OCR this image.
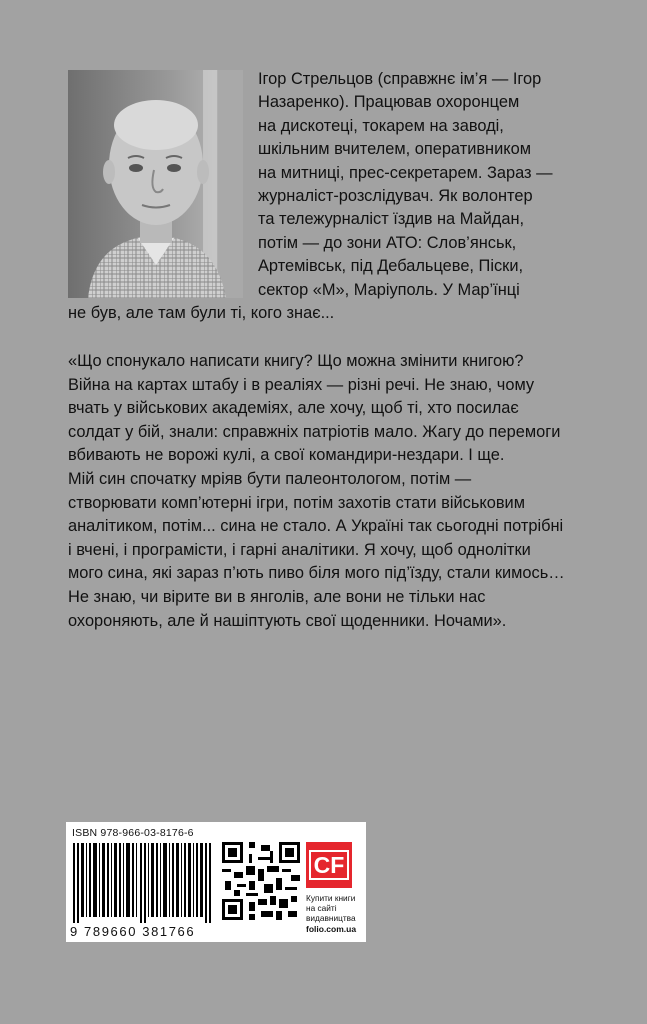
Ігор Стрельцов (справжнє ім’я — Ігор
Назаренко). Працював охоронцем
на дискотеці, токарем на заводі,
шкільним вчителем, оперативником
на митниці, прес-секретарем. Зараз —
журналіст-розслідувач. Як волонтер
та тележурналіст їздив на Майдан,
потім — до зони АТО: Слов’янськ,
Артемівськ, під Дебальцеве, Піски,
сектор «М», Маріуполь. У Мар’їнці

не був, але там були ті, кого знає...

«Що спонукало написати книгу? Що можна змінити книгою?
Війна на картах штабу і в реаліях — різні речі. Не знаю, чому
вчать у військових академіях, але хочу, щоб ті, хто посилає
солдат у бій, знали: справжніх патріотів мало. Жагу до перемоги
вбивають не ворожі кулі, а свої командири-нездари. І ще.
Мій син спочатку мріяв бути палеонтологом, потім —
створювати комп’ютерні ігри, потім захотів стати військовим
аналітиком, потім... сина не стало. А Україні так сьогодні потрібні
і вчені, і програмісти, і гарні аналітики. Я хочу, щоб однолітки
мого сина, які зараз п’ють пиво біля мого під’їзду, стали кимось…
Не знаю, чи вірите ви в янголів, але вони не тільки нас
охороняють, але й нашіптують свої щоденники. Ночами».

ISBN 978-966-03-8176-6
9 789660 381766
CF
Купити книги
на сайті
видавництва
folio.com.ua
